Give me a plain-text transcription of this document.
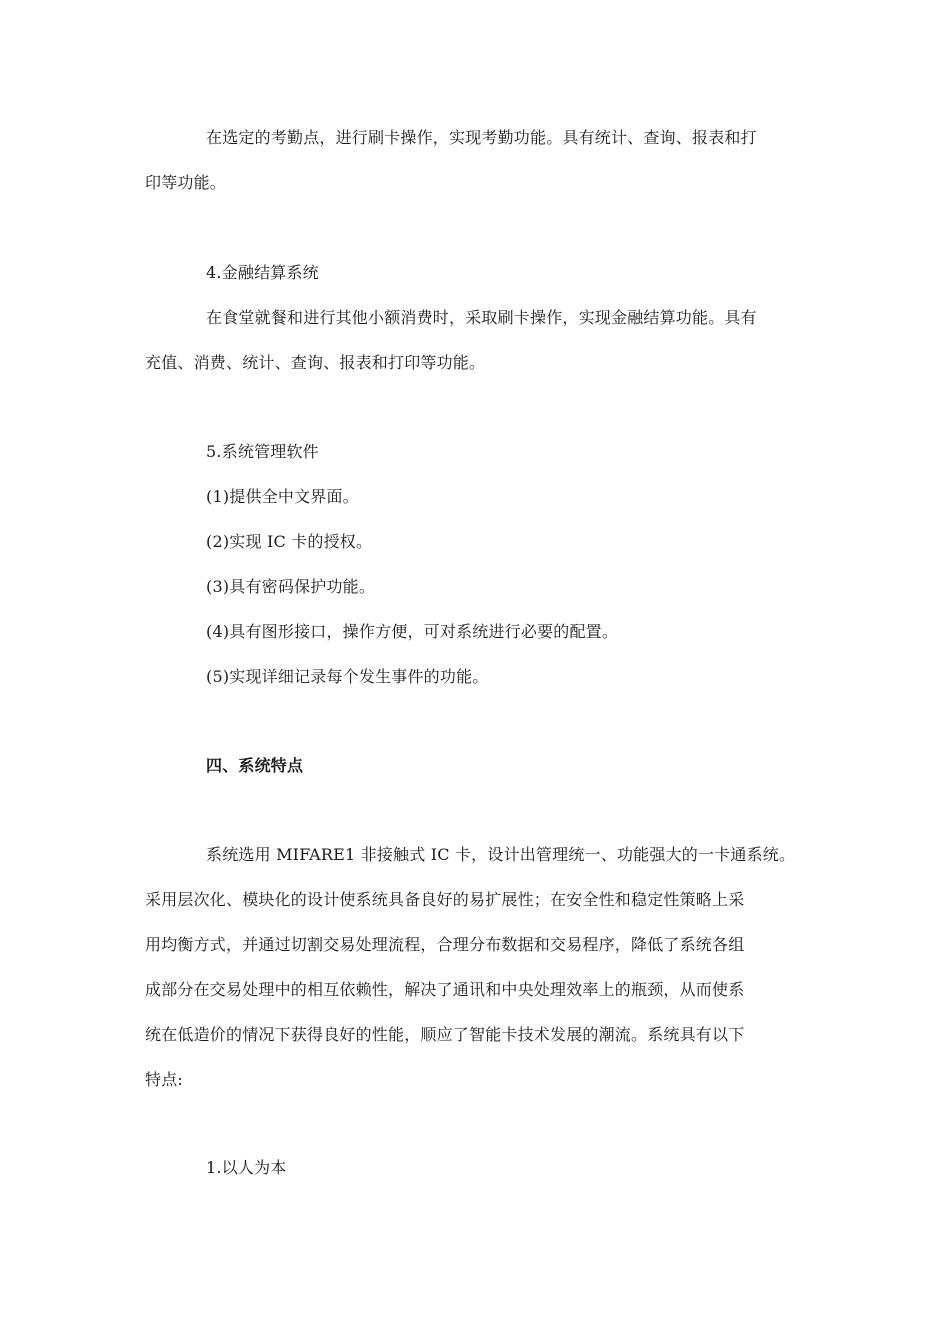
在选定的考勤点，进行刷卡操作，实现考勤功能。具有统计、查询、报表和打
印等功能。
4.金融结算系统
在食堂就餐和进行其他小额消费时，采取刷卡操作，实现金融结算功能。具有
充值、消费、统计、查询、报表和打印等功能。
5.系统管理软件
(1)提供全中文界面。
(2)实现 IC 卡的授权。
(3)具有密码保护功能。
(4)具有图形接口，操作方便，可对系统进行必要的配置。
(5)实现详细记录每个发生事件的功能。
四、系统特点
系统选用 MIFARE1 非接触式 IC 卡，设计出管理统一、功能强大的一卡通系统。
采用层次化、模块化的设计使系统具备良好的易扩展性；在安全性和稳定性策略上采
用均衡方式，并通过切割交易处理流程，合理分布数据和交易程序，降低了系统各组
成部分在交易处理中的相互依赖性，解决了通讯和中央处理效率上的瓶颈，从而使系
统在低造价的情况下获得良好的性能，顺应了智能卡技术发展的潮流。系统具有以下
特点:
1.以人为本
